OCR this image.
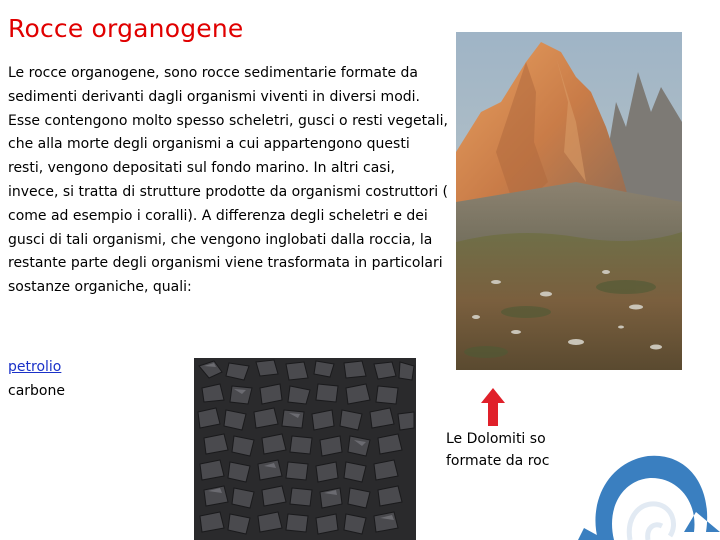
Rocce organogene
Le rocce organogene, sono rocce sedimentarie formate da sedimenti derivanti dagli organismi viventi in diversi modi. Esse contengono molto spesso scheletri, gusci o resti vegetali, che alla morte degli organismi a cui appartengono questi resti, vengono depositati sul fondo marino. In altri casi, invece, si tratta di strutture prodotte da organismi costruttori ( come ad esempio i coralli). A differenza degli scheletri e dei gusci di tali organismi, che vengono inglobati dalla roccia, la restante parte degli organismi viene trasformata in particolari sostanze organiche, quali:
petrolio
carbone
Le Dolomiti so
formate da roc
